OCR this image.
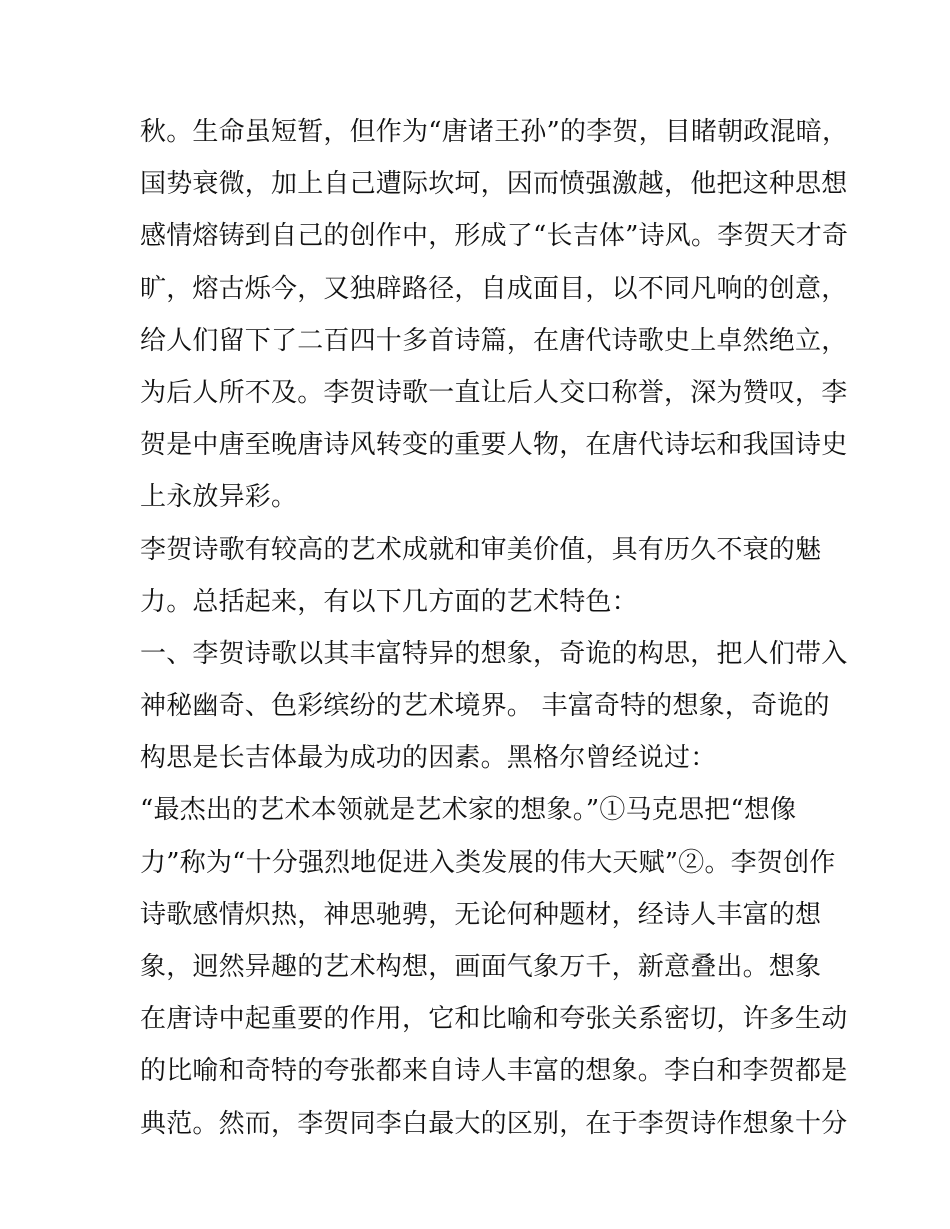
秋。生命虽短暂，但作为“唐诸王孙”的李贺，目睹朝政混暗，
国势衰微，加上自己遭际坎坷，因而愤强激越，他把这种思想
感情熔铸到自己的创作中，形成了“长吉体”诗风。李贺天才奇
旷，熔古烁今，又独辟路径，自成面目，以不同凡响的创意，
给人们留下了二百四十多首诗篇，在唐代诗歌史上卓然绝立，
为后人所不及。李贺诗歌一直让后人交口称誉，深为赞叹，李
贺是中唐至晚唐诗风转变的重要人物，在唐代诗坛和我国诗史
上永放异彩。
李贺诗歌有较高的艺术成就和审美价值，具有历久不衰的魅
力。总括起来，有以下几方面的艺术特色：
一、李贺诗歌以其丰富特异的想象，奇诡的构思，把人们带入
神秘幽奇、色彩缤纷的艺术境界。 丰富奇特的想象，奇诡的
构思是长吉体最为成功的因素。黑格尔曾经说过：
“最杰出的艺术本领就是艺术家的想象。”①马克思把“想像
力”称为“十分强烈地促进入类发展的伟大天赋”②。李贺创作
诗歌感情炽热，神思驰骋，无论何种题材，经诗人丰富的想
象，迥然异趣的艺术构想，画面气象万千，新意叠出。想象
在唐诗中起重要的作用，它和比喻和夸张关系密切，许多生动
的比喻和奇特的夸张都来自诗人丰富的想象。李白和李贺都是
典范。然而，李贺同李白最大的区别，在于李贺诗作想象十分
